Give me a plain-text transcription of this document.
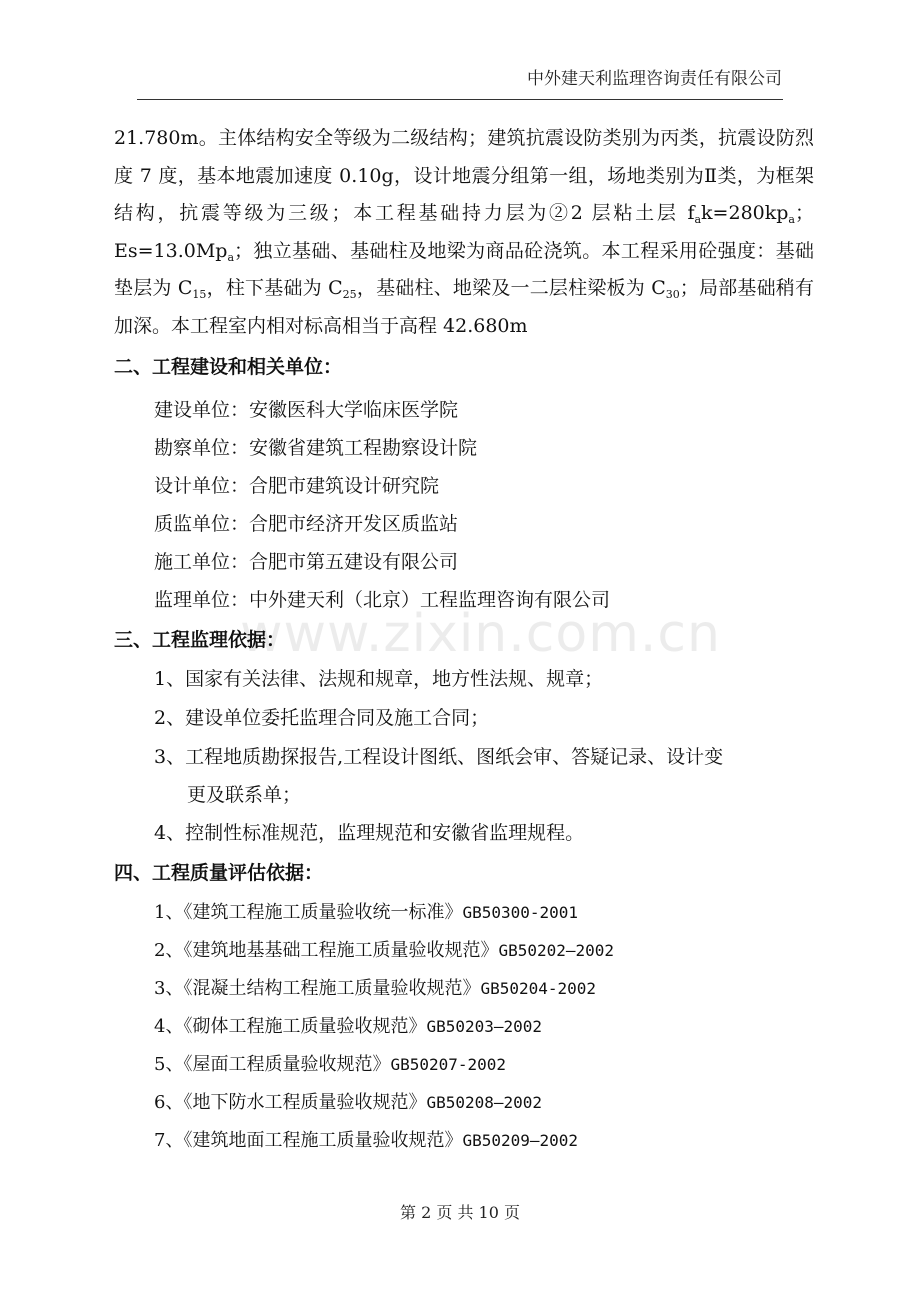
中外建天利监理咨询责任有限公司
www.zixin.com.cn

21.780m。主体结构安全等级为二级结构；建筑抗震设防类别为丙类，抗震设防烈度 7 度，基本地震加速度 0.10g，设计地震分组第一组，场地类别为Ⅱ类，为框架结构，抗震等级为三级；本工程基础持力层为②2 层粘土层 $f_ak=280kp_a$；$Es=13.0Mp_a$；独立基础、基础柱及地梁为商品砼浇筑。本工程采用砼强度：基础垫层为 $C_{15}$，柱下基础为 $C_{25}$，基础柱、地梁及一二层柱梁板为 $C_{30}$；局部基础稍有加深。本工程室内相对标高相当于高程 42.680m

二、工程建设和相关单位：
建设单位：安徽医科大学临床医学院
勘察单位：安徽省建筑工程勘察设计院
设计单位：合肥市建筑设计研究院
质监单位：合肥市经济开发区质监站
施工单位：合肥市第五建设有限公司
监理单位：中外建天利（北京）工程监理咨询有限公司
三、工程监理依据：
1、国家有关法律、法规和规章，地方性法规、规章；
2、建设单位委托监理合同及施工合同；
3、工程地质勘探报告,工程设计图纸、图纸会审、答疑记录、设计变
更及联系单；
4、控制性标准规范，监理规范和安徽省监理规程。
四、工程质量评估依据：
1、《建筑工程施工质量验收统一标准》GB50300-2001
2、《建筑地基基础工程施工质量验收规范》GB50202—2002
3、《混凝土结构工程施工质量验收规范》GB50204-2002
4、《砌体工程施工质量验收规范》GB50203—2002
5、《屋面工程质量验收规范》GB50207-2002
6、《地下防水工程质量验收规范》GB50208—2002
7、《建筑地面工程施工质量验收规范》GB50209—2002
第 2 页 共 10 页
